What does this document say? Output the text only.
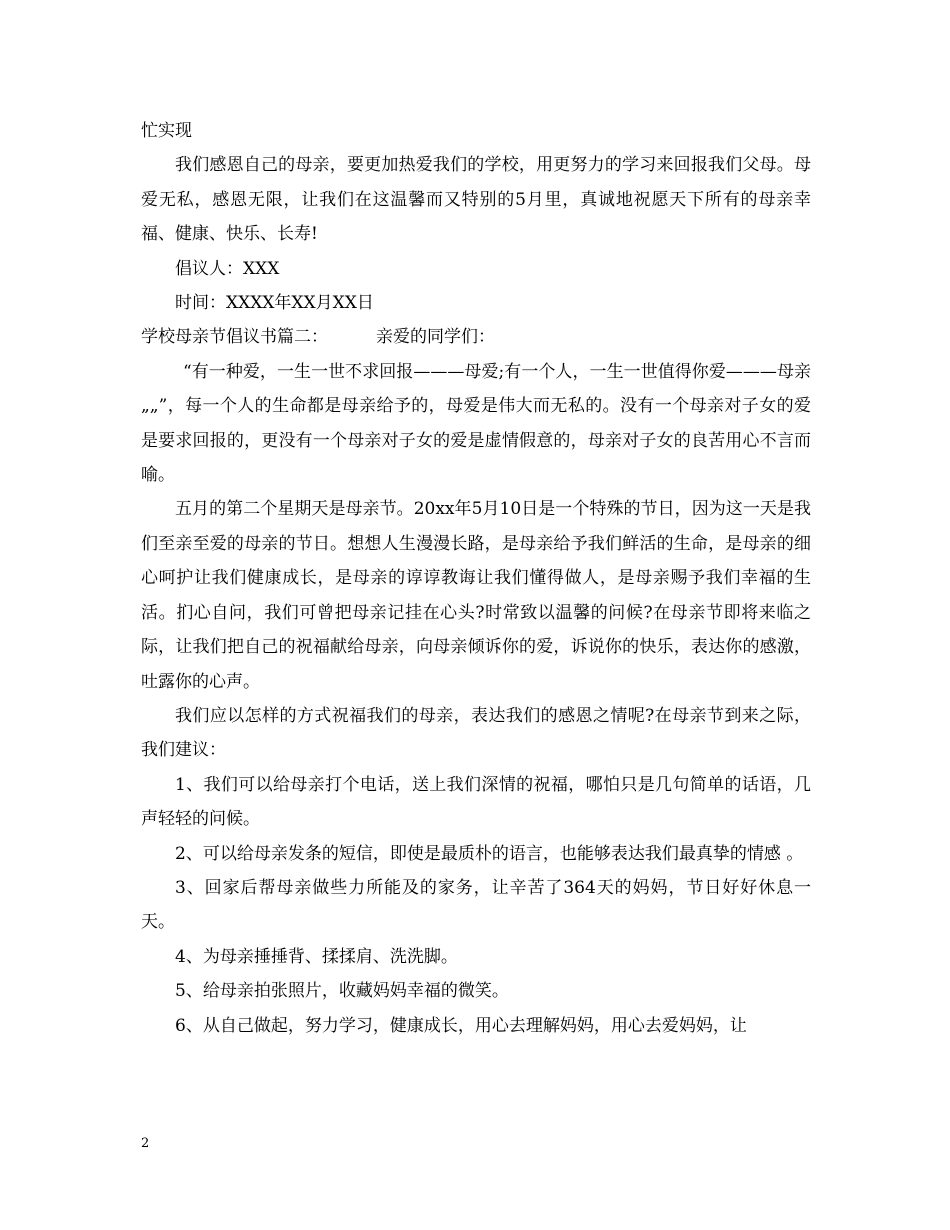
忙实现

我们感恩自己的母亲，要更加热爱我们的学校，用更努力的学习来回报我们父母。母爱无私，感恩无限，让我们在这温馨而又特别的5月里，真诚地祝愿天下所有的母亲幸福、健康、快乐、长寿!

倡议人：XXX

时间：XXXX年XX月XX日

学校母亲节倡议书篇二：	亲爱的同学们：

“有一种爱，一生一世不求回报———母爱;有一个人，一生一世值得你爱———母亲„„”，每一个人的生命都是母亲给予的，母爱是伟大而无私的。没有一个母亲对子女的爱是要求回报的，更没有一个母亲对子女的爱是虚情假意的，母亲对子女的良苦用心不言而喻。

五月的第二个星期天是母亲节。20xx年5月10日是一个特殊的节日，因为这一天是我们至亲至爱的母亲的节日。想想人生漫漫长路，是母亲给予我们鲜活的生命，是母亲的细心呵护让我们健康成长，是母亲的谆谆教诲让我们懂得做人，是母亲赐予我们幸福的生活。扪心自问，我们可曾把母亲记挂在心头?时常致以温馨的问候?在母亲节即将来临之际，让我们把自己的祝福献给母亲，向母亲倾诉你的爱，诉说你的快乐，表达你的感激，吐露你的心声。

我们应以怎样的方式祝福我们的母亲，表达我们的感恩之情呢?在母亲节到来之际，我们建议：

1、我们可以给母亲打个电话，送上我们深情的祝福，哪怕只是几句简单的话语，几声轻轻的问候。

2、可以给母亲发条的短信，即使是最质朴的语言，也能够表达我们最真挚的情感 。

3、回家后帮母亲做些力所能及的家务，让辛苦了364天的妈妈，节日好好休息一天。

4、为母亲捶捶背、揉揉肩、洗洗脚。

5、给母亲拍张照片，收藏妈妈幸福的微笑。

6、从自己做起，努力学习，健康成长，用心去理解妈妈，用心去爱妈妈，让

2
